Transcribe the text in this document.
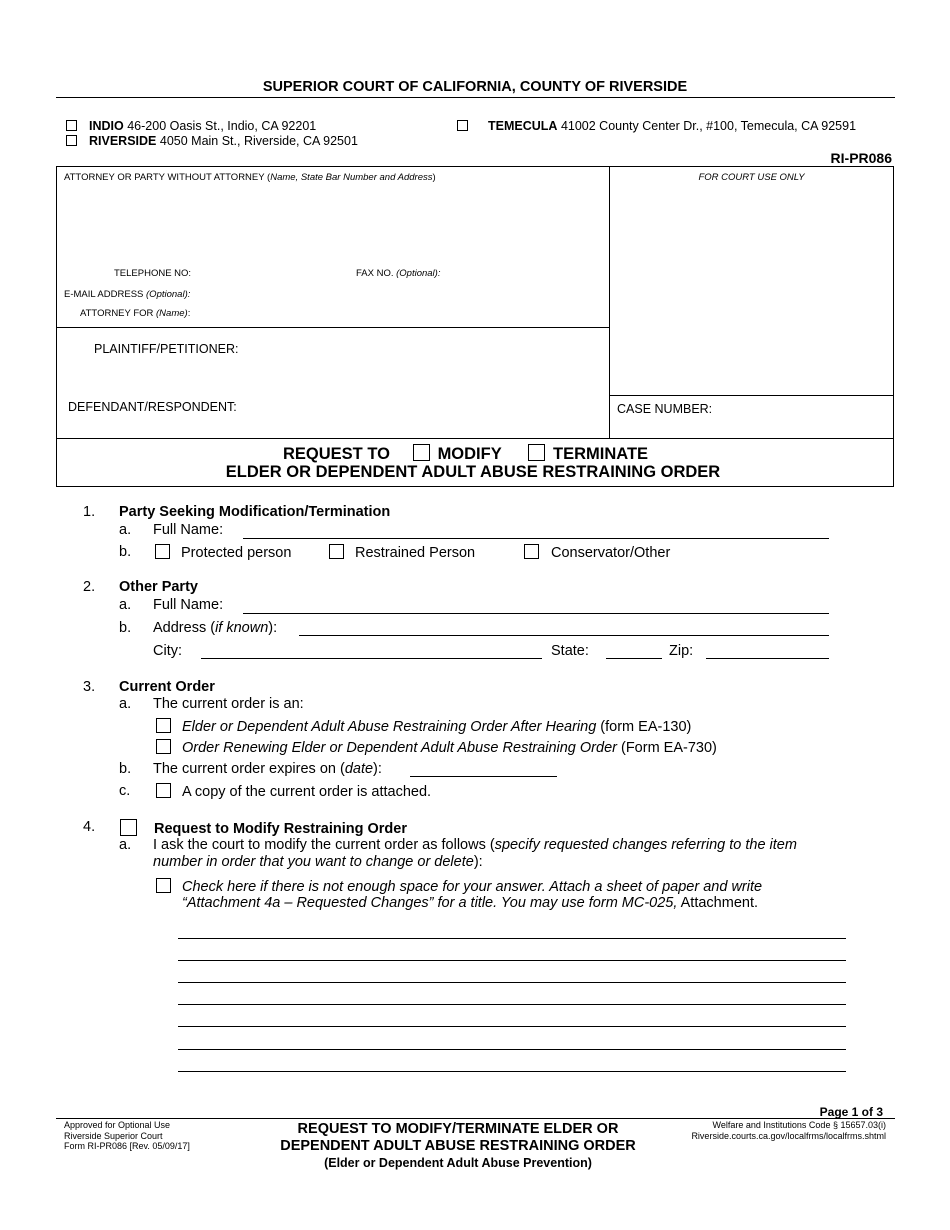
SUPERIOR COURT OF CALIFORNIA, COUNTY OF RIVERSIDE
INDIO 46-200 Oasis St., Indio, CA 92201
RIVERSIDE 4050 Main St., Riverside, CA 92501
TEMECULA 41002 County Center Dr., #100, Temecula, CA 92591
RI-PR086
ATTORNEY OR PARTY WITHOUT ATTORNEY (Name, State Bar Number and Address)	FOR COURT USE ONLY
TELEPHONE NO:	FAX NO. (Optional):
E-MAIL ADDRESS (Optional):
ATTORNEY FOR (Name):
PLAINTIFF/PETITIONER:
DEFENDANT/RESPONDENT:	CASE NUMBER:
REQUEST TO	MODIFY	TERMINATE
ELDER OR DEPENDENT ADULT ABUSE RESTRAINING ORDER
1. Party Seeking Modification/Termination
a. Full Name:
b.	Protected person	Restrained Person	Conservator/Other
2. Other Party
a. Full Name:
b. Address (if known):
City:	State:	Zip:
3. Current Order
a. The current order is an:
Elder or Dependent Adult Abuse Restraining Order After Hearing (form EA-130)
Order Renewing Elder or Dependent Adult Abuse Restraining Order (Form EA-730)
b. The current order expires on (date):
c.	A copy of the current order is attached.
4.	Request to Modify Restraining Order
a. I ask the court to modify the current order as follows (specify requested changes referring to the item
number in order that you want to change or delete):
Check here if there is not enough space for your answer. Attach a sheet of paper and write
“Attachment 4a – Requested Changes” for a title. You may use form MC-025, Attachment.
Page 1 of 3
Approved for Optional Use
Riverside Superior Court
Form RI-PR086 [Rev. 05/09/17]
REQUEST TO MODIFY/TERMINATE ELDER OR
DEPENDENT ADULT ABUSE RESTRAINING ORDER
(Elder or Dependent Adult Abuse Prevention)
Welfare and Institutions Code § 15657.03(i)
Riverside.courts.ca.gov/localfrms/localfrms.shtml
